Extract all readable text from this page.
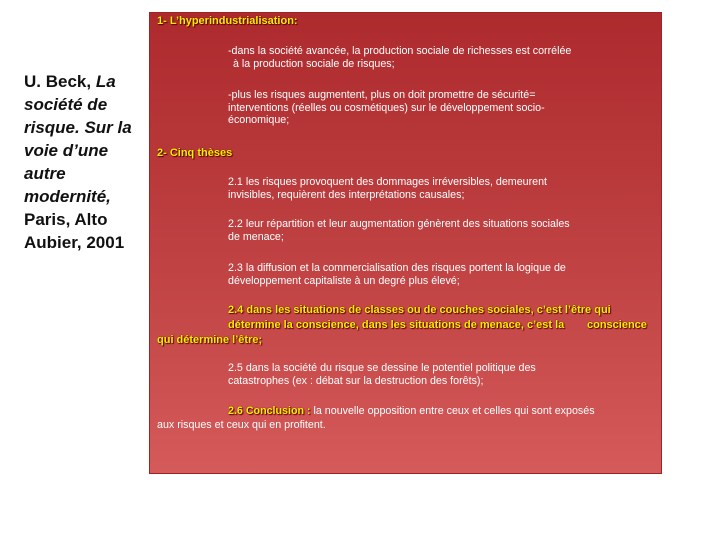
U. Beck, La société de risque. Sur la voie d’une autre modernité, Paris, Alto Aubier, 2001
1- L’hyperindustrialisation:
-dans la société avancée, la production sociale de richesses est corrélée
à la production sociale de risques;
-plus les risques augmentent, plus on doit promettre de sécurité=
interventions (réelles ou cosmétiques) sur le développement socio-
économique;
2- Cinq thèses
2.1 les risques provoquent des dommages irréversibles, demeurent
invisibles, requièrent des interprétations causales;
2.2 leur répartition et leur augmentation génèrent des situations sociales
de menace;
2.3 la diffusion et la commercialisation des risques portent la logique de
développement capitaliste à un degré plus élevé;
2.4 dans les situations de classes ou de couches sociales, c’est l’être qui
détermine la conscience, dans les situations de menace, c’est la conscience
qui détermine l’être;
2.5 dans la société du risque se dessine le potentiel politique des
catastrophes (ex : débat sur la destruction des forêts);
2.6 Conclusion : la nouvelle opposition entre ceux et celles qui sont exposés
aux risques et ceux qui en profitent.
